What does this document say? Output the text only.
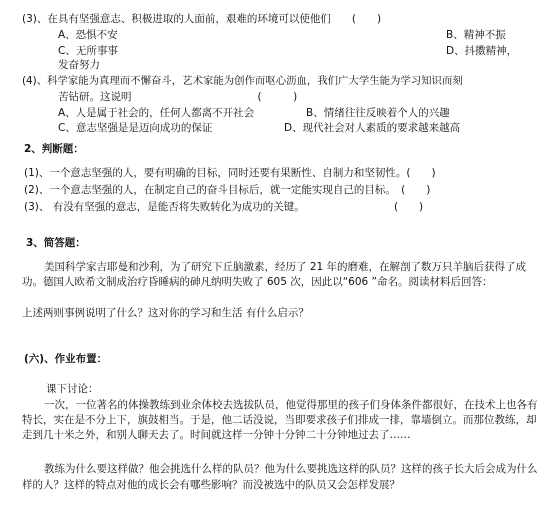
(3)、在具有坚强意志、积极进取的人面前，艰难的环境可以使他们　　(　　)
A、恐惧不安	B、精神不振
C、无所事事	D、抖擞精神，
发奋努力
(4)、科学家能为真理而不懈奋斗，艺术家能为创作而呕心沥血，我们广大学生能为学习知识而刻
苦钻研。这说明　　　　　　　　　　　　(　　　)
A、人是属于社会的，任何人都离不开社会	B、情绪往往反映着个人的兴趣
C、意志坚强是是迈向成功的保证	D、现代社会对人素质的要求越来越高
2、判断题：
(1)、一个意志坚强的人，要有明确的目标，同时还要有果断性、自制力和坚韧性。(　　)
(2)、一个意志坚强的人，在制定自己的奋斗目标后，就一定能实现自己的目标。　(　　)
(3)、 有没有坚强的意志，是能否将失败转化为成功的关键。　　　　　　　　　(　　)
3、简答题：
美国科学家吉耶曼和沙利，为了研究下丘脑激素，经历了 21 年的磨难，在解剖了数万只羊脑后获得了成功。德国人欧希文制成治疗昏睡病的砷凡纳明失败了 605 次，因此以“606 ”命名。阅读材料后回答：
上述两则事例说明了什么？这对你的学习和生活 有什么启示？
(六)、作业布置：
课下讨论：
一次，一位著名的体操教练到业余体校去选拔队员，他觉得那里的孩子们身体条件都很好，在技术上也各有特长，实在是不分上下，旗鼓相当。于是，他二话没说，当即要求孩子们排成一排，靠墙倒立。而那位教练，却走到几十米之外，和别人聊天去了。时间就这样一分钟十分钟二十分钟地过去了……
教练为什么要这样做？他会挑选什么样的队员？他为什么要挑选这样的队员？这样的孩子长大后会成为什么样的人？这样的特点对他的成长会有哪些影响？而没被选中的队员又会怎样发展？
